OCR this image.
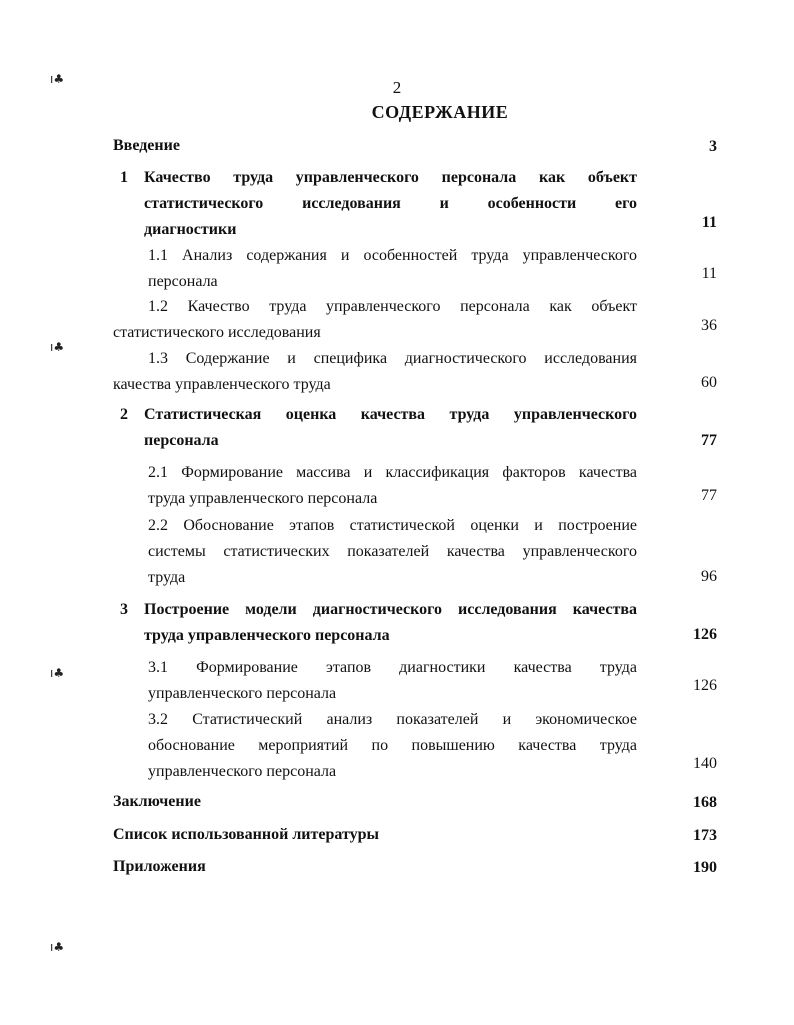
ı♣
ı♣
ı♣
ı♣
2
СОДЕРЖАНИЕ
Введение	3
1 Качество труда управленческого персонала как объект
статистического исследования и особенности его
диагностики	11
1.1 Анализ содержания и особенностей труда управленческого
персонала	11
1.2 Качество труда управленческого персонала как объект
статистического исследования	36
1.3 Содержание и специфика диагностического исследования
качества управленческого труда	60
2 Статистическая оценка качества труда управленческого
персонала	77
2.1 Формирование массива и классификация факторов качества
труда управленческого персонала	77
2.2 Обоснование этапов статистической оценки и построение
системы статистических показателей качества управленческого
труда	96
3 Построение модели диагностического исследования качества
труда управленческого персонала	126
3.1 Формирование этапов диагностики качества труда
управленческого персонала	126
3.2 Статистический анализ показателей и экономическое
обоснование мероприятий по повышению качества труда
управленческого персонала	140
Заключение	168
Список использованной литературы	173
Приложения	190
